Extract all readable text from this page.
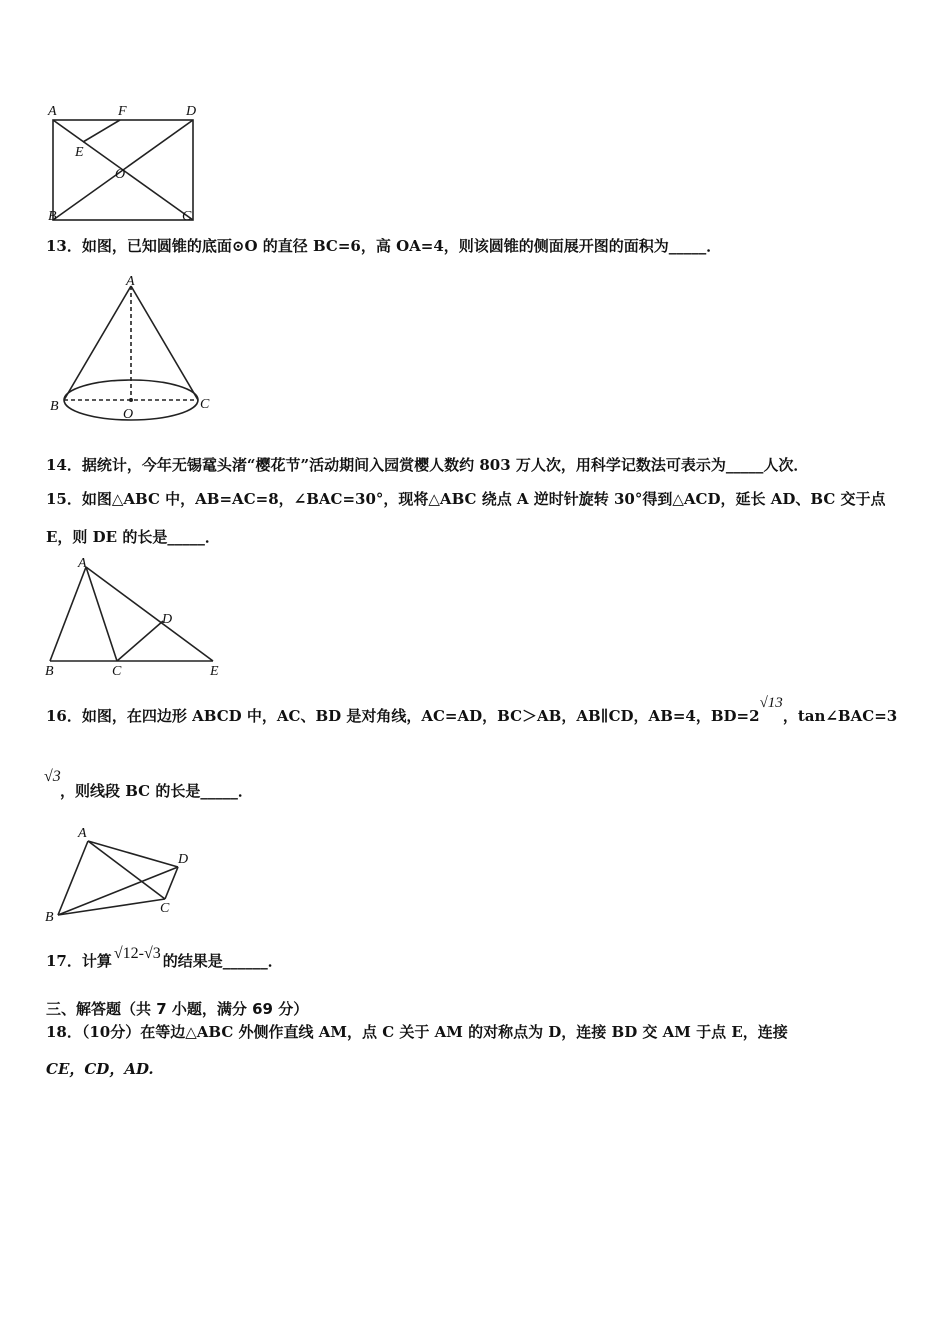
A	F	D
E
O
B	C
13．如图，已知圆锥的底面⊙O 的直径 BC=6，高 OA=4，则该圆锥的侧面展开图的面积为_____．
A
B
O
C
14．据统计，今年无锡鼋头渚“樱花节”活动期间入园赏樱人数约 803 万人次，用科学记数法可表示为_____人次．
15．如图△ABC 中，AB=AC=8，∠BAC=30°，现将△ABC 绕点 A 逆时针旋转 30°得到△ACD，延长 AD、BC 交于点
E，则 DE 的长是_____．
A
D
B	C	E
16．如图，在四边形 ABCD 中，AC、BD 是对角线，AC=AD，BC＞AB，AB∥CD，AB=4，BD=2√13，tan∠BAC=3
√3
，则线段 BC 的长是_____．
A
D
B
C
17．计算 √12-√3 的结果是______．
三、解答题（共 7 小题，满分 69 分）
18．（10分）在等边△ABC 外侧作直线 AM，点 C 关于 AM 的对称点为 D，连接 BD 交 AM 于点 E，连接
CE，CD，AD.
